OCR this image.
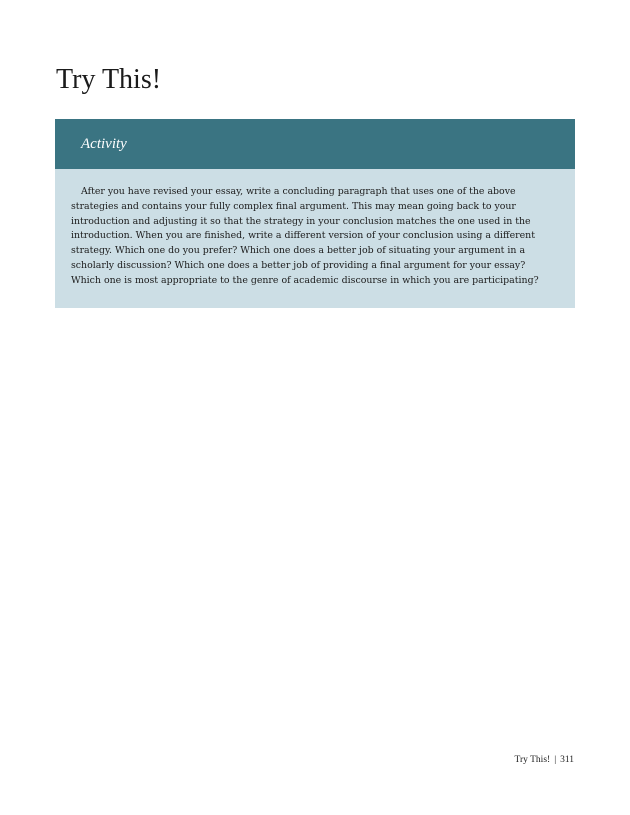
Try This!
Activity

After you have revised your essay, write a concluding paragraph that uses one of the above strategies and contains your fully complex final argument. This may mean going back to your introduction and adjusting it so that the strategy in your conclusion matches the one used in the introduction. When you are finished, write a different version of your conclusion using a different strategy. Which one do you prefer? Which one does a better job of situating your argument in a scholarly discussion? Which one does a better job of providing a final argument for your essay? Which one is most appropriate to the genre of academic discourse in which you are participating?

Try This! | 311
